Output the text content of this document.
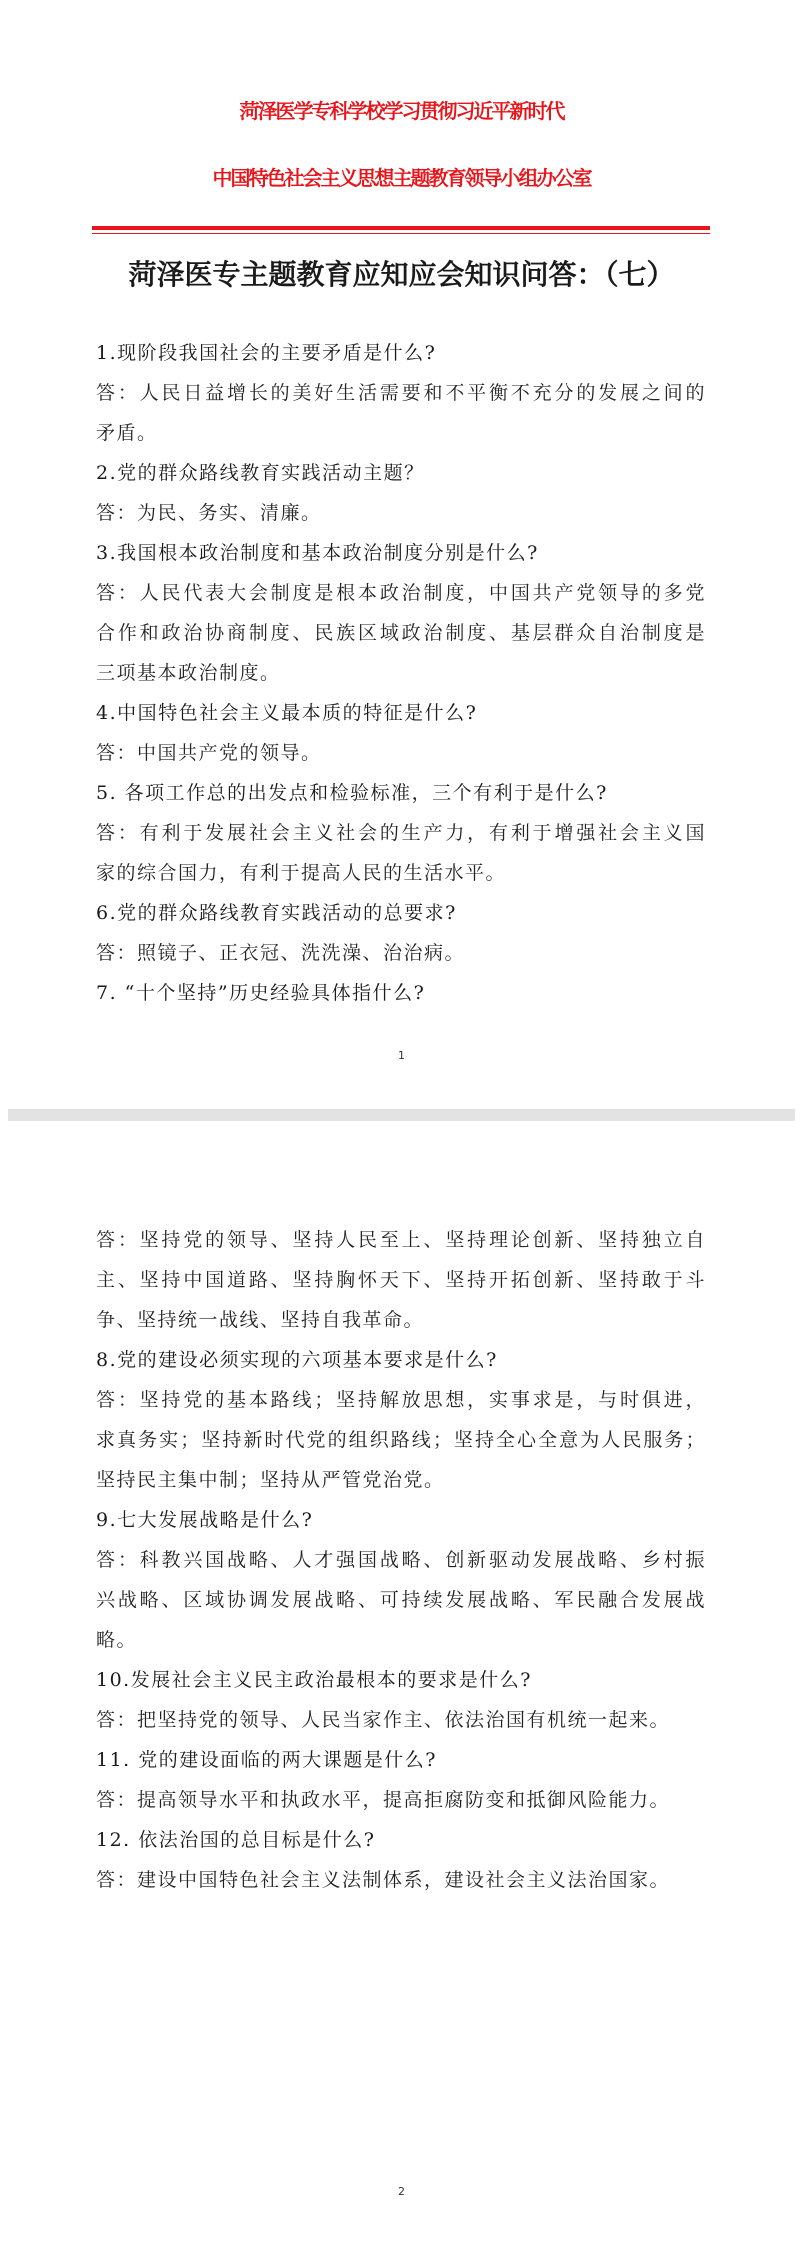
菏泽医学专科学校学习贯彻习近平新时代
中国特色社会主义思想主题教育领导小组办公室
菏泽医专主题教育应知应会知识问答：（七）
1.现阶段我国社会的主要矛盾是什么?
答：人民日益增长的美好生活需要和不平衡不充分的发展之间的
矛盾。
2.党的群众路线教育实践活动主题？
答：为民、务实、清廉。
3.我国根本政治制度和基本政治制度分别是什么?
答：人民代表大会制度是根本政治制度，中国共产党领导的多党
合作和政治协商制度、民族区域政治制度、基层群众自治制度是
三项基本政治制度。
4.中国特色社会主义最本质的特征是什么?
答：中国共产党的领导。
5. 各项工作总的出发点和检验标准，三个有利于是什么?
答：有利于发展社会主义社会的生产力，有利于增强社会主义国
家的综合国力，有利于提高人民的生活水平。
6.党的群众路线教育实践活动的总要求?
答：照镜子、正衣冠、洗洗澡、治治病。
7. “十个坚持”历史经验具体指什么?
1
答：坚持党的领导、坚持人民至上、坚持理论创新、坚持独立自
主、坚持中国道路、坚持胸怀天下、坚持开拓创新、坚持敢于斗
争、坚持统一战线、坚持自我革命。
8.党的建设必须实现的六项基本要求是什么?
答：坚持党的基本路线；坚持解放思想，实事求是，与时俱进，
求真务实；坚持新时代党的组织路线；坚持全心全意为人民服务；
坚持民主集中制；坚持从严管党治党。
9.七大发展战略是什么?
答：科教兴国战略、人才强国战略、创新驱动发展战略、乡村振
兴战略、区域协调发展战略、可持续发展战略、军民融合发展战
略。
10.发展社会主义民主政治最根本的要求是什么?
答：把坚持党的领导、人民当家作主、依法治国有机统一起来。
11. 党的建设面临的两大课题是什么?
答：提高领导水平和执政水平，提高拒腐防变和抵御风险能力。
12. 依法治国的总目标是什么?
答：建设中国特色社会主义法制体系，建设社会主义法治国家。
2
